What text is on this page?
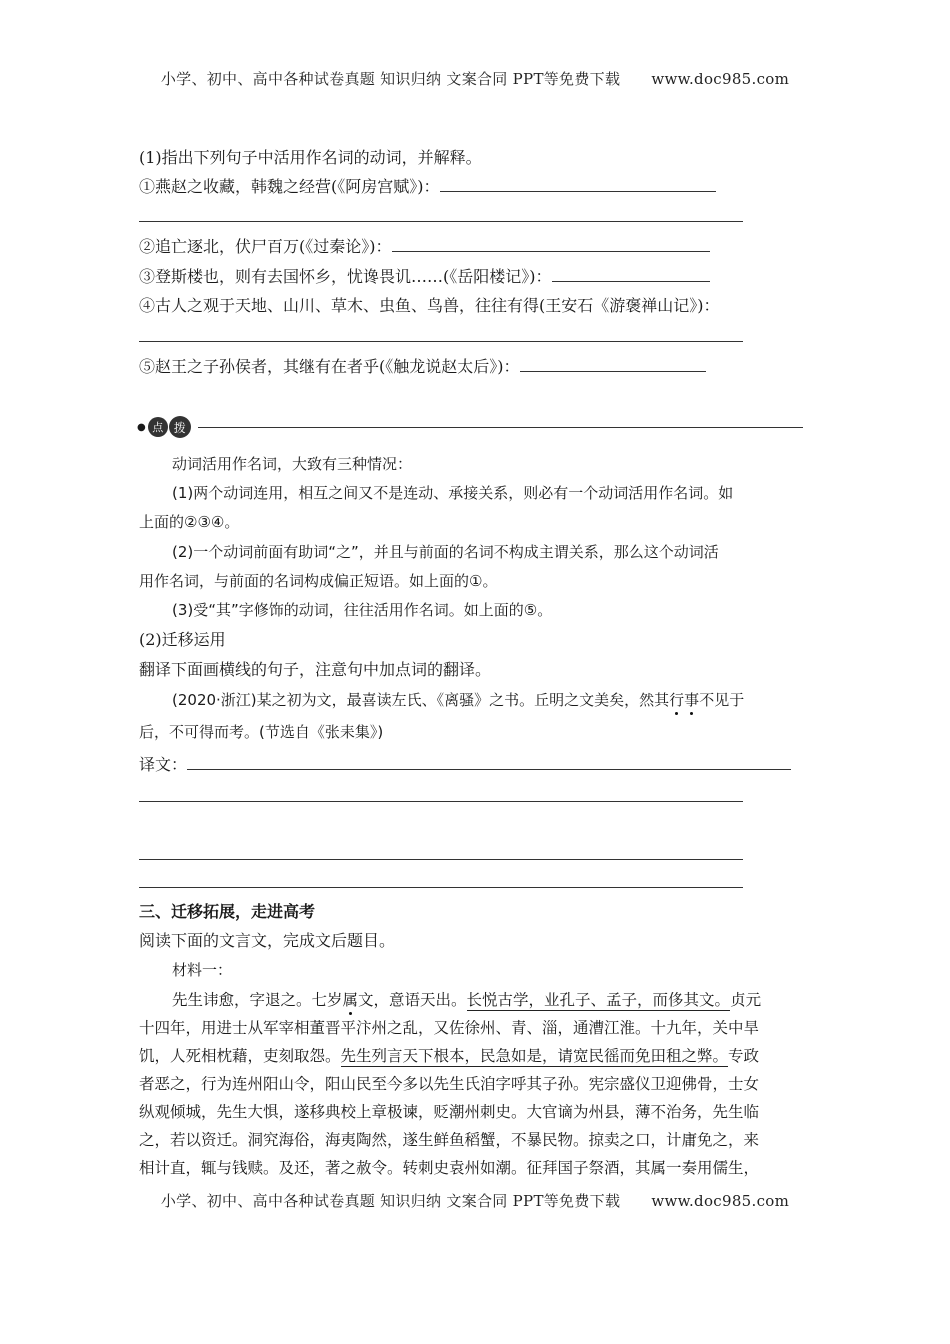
小学、初中、高中各种试卷真题 知识归纳 文案合同 PPT等免费下载 www.doc985.com
(1)指出下列句子中活用作名词的动词，并解释。
①燕赵之收藏，韩魏之经营(《阿房宫赋》)：
②追亡逐北，伏尸百万(《过秦论》)：
③登斯楼也，则有去国怀乡，忧谗畏讥……(《岳阳楼记》)：
④古人之观于天地、山川、草木、虫鱼、鸟兽，往往有得(王安石《游褒禅山记》)：
⑤赵王之子孙侯者，其继有在者乎(《触龙说赵太后》)：
● 点 拨
动词活用作名词，大致有三种情况：
(1)两个动词连用，相互之间又不是连动、承接关系，则必有一个动词活用作名词。如
上面的②③④。
(2)一个动词前面有助词“之”，并且与前面的名词不构成主谓关系，那么这个动词活
用作名词，与前面的名词构成偏正短语。如上面的①。
(3)受“其”字修饰的动词，往往活用作名词。如上面的⑤。
(2)迁移运用
翻译下面画横线的句子，注意句中加点词的翻译。
(2020·浙江)某之初为文，最喜读左氏、《离骚》之书。丘明之文美矣，然其行事不见于
后，不可得而考。(节选自《张耒集》)
译文：
三、迁移拓展，走进高考
阅读下面的文言文，完成文后题目。
材料一：
先生讳愈，字退之。七岁属文，意语天出。长悦古学，业孔子、孟子，而侈其文。贞元
十四年，用进士从军宰相董晋平汴州之乱，又佐徐州、青、淄，通漕江淮。十九年，关中旱
饥，人死相枕藉，吏刻取怨。先生列言天下根本，民急如是，请宽民徭而免田租之弊。专政
者恶之，行为连州阳山令，阳山民至今多以先生氏洎字呼其子孙。宪宗盛仪卫迎佛骨，士女
纵观倾城，先生大惧，遂移典校上章极谏，贬潮州刺史。大官谪为州县，薄不治务，先生临
之，若以资迁。洞究海俗，海夷陶然，遂生鲜鱼稻蟹，不暴民物。掠卖之口，计庸免之，来
相计直，辄与钱赎。及还，著之赦令。转刺史袁州如潮。征拜国子祭酒，其属一奏用儒生，
小学、初中、高中各种试卷真题 知识归纳 文案合同 PPT等免费下载 www.doc985.com
